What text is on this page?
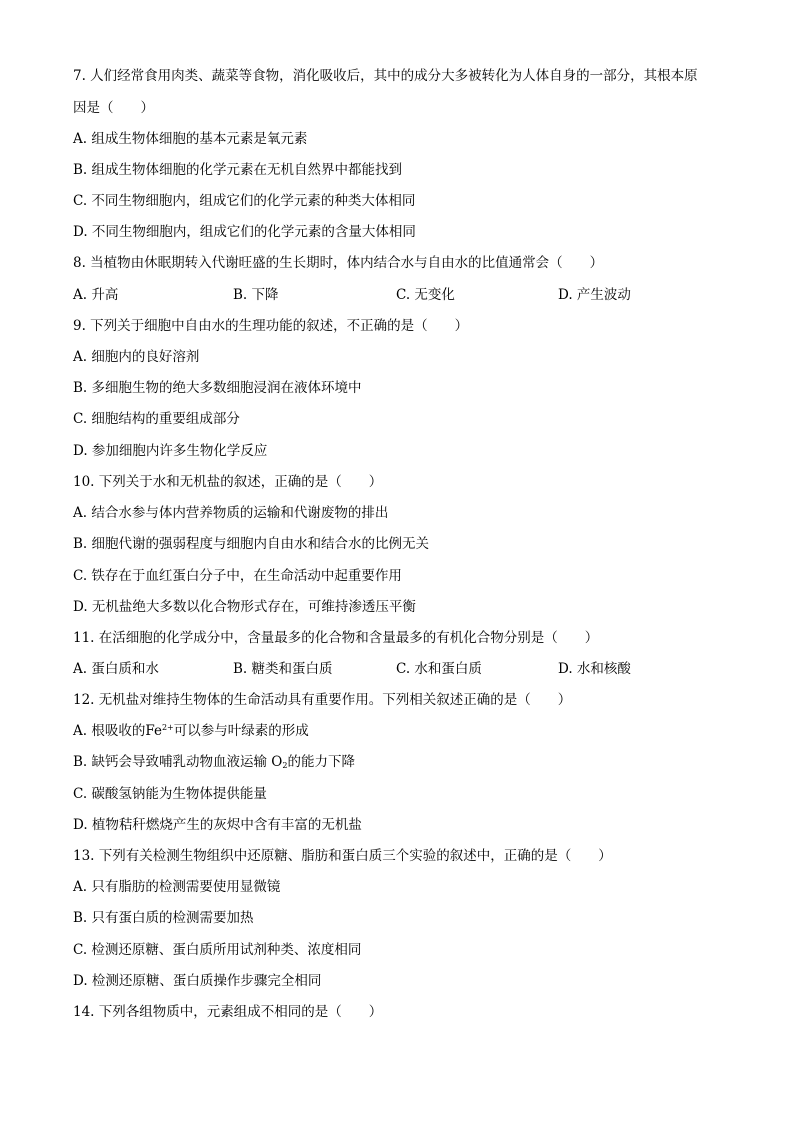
7. 人们经常食用肉类、蔬菜等食物，消化吸收后，其中的成分大多被转化为人体自身的一部分，其根本原
因是（　　）
A. 组成生物体细胞的基本元素是氧元素
B. 组成生物体细胞的化学元素在无机自然界中都能找到
C. 不同生物细胞内，组成它们的化学元素的种类大体相同
D. 不同生物细胞内，组成它们的化学元素的含量大体相同
8. 当植物由休眠期转入代谢旺盛的生长期时，体内结合水与自由水的比值通常会（　　）
A. 升高	B. 下降	C. 无变化	D. 产生波动
9. 下列关于细胞中自由水的生理功能的叙述，不正确的是（　　）
A. 细胞内的良好溶剂
B. 多细胞生物的绝大多数细胞浸润在液体环境中
C. 细胞结构的重要组成部分
D. 参加细胞内许多生物化学反应
10. 下列关于水和无机盐的叙述，正确的是（　　）
A. 结合水参与体内营养物质的运输和代谢废物的排出
B. 细胞代谢的强弱程度与细胞内自由水和结合水的比例无关
C. 铁存在于血红蛋白分子中，在生命活动中起重要作用
D. 无机盐绝大多数以化合物形式存在，可维持渗透压平衡
11. 在活细胞的化学成分中，含量最多的化合物和含量最多的有机化合物分别是（　　）
A. 蛋白质和水	B. 糖类和蛋白质	C. 水和蛋白质	D. 水和核酸
12. 无机盐对维持生物体的生命活动具有重要作用。下列相关叙述正确的是（　　）
A. 根吸收的$Fe^{2+}$可以参与叶绿素的形成
B. 缺钙会导致哺乳动物血液运输 $O_2$的能力下降
C. 碳酸氢钠能为生物体提供能量
D. 植物秸秆燃烧产生的灰烬中含有丰富的无机盐
13. 下列有关检测生物组织中还原糖、脂肪和蛋白质三个实验的叙述中，正确的是（　　）
A. 只有脂肪的检测需要使用显微镜
B. 只有蛋白质的检测需要加热
C. 检测还原糖、蛋白质所用试剂种类、浓度相同
D. 检测还原糖、蛋白质操作步骤完全相同
14. 下列各组物质中，元素组成不相同的是（　　）
